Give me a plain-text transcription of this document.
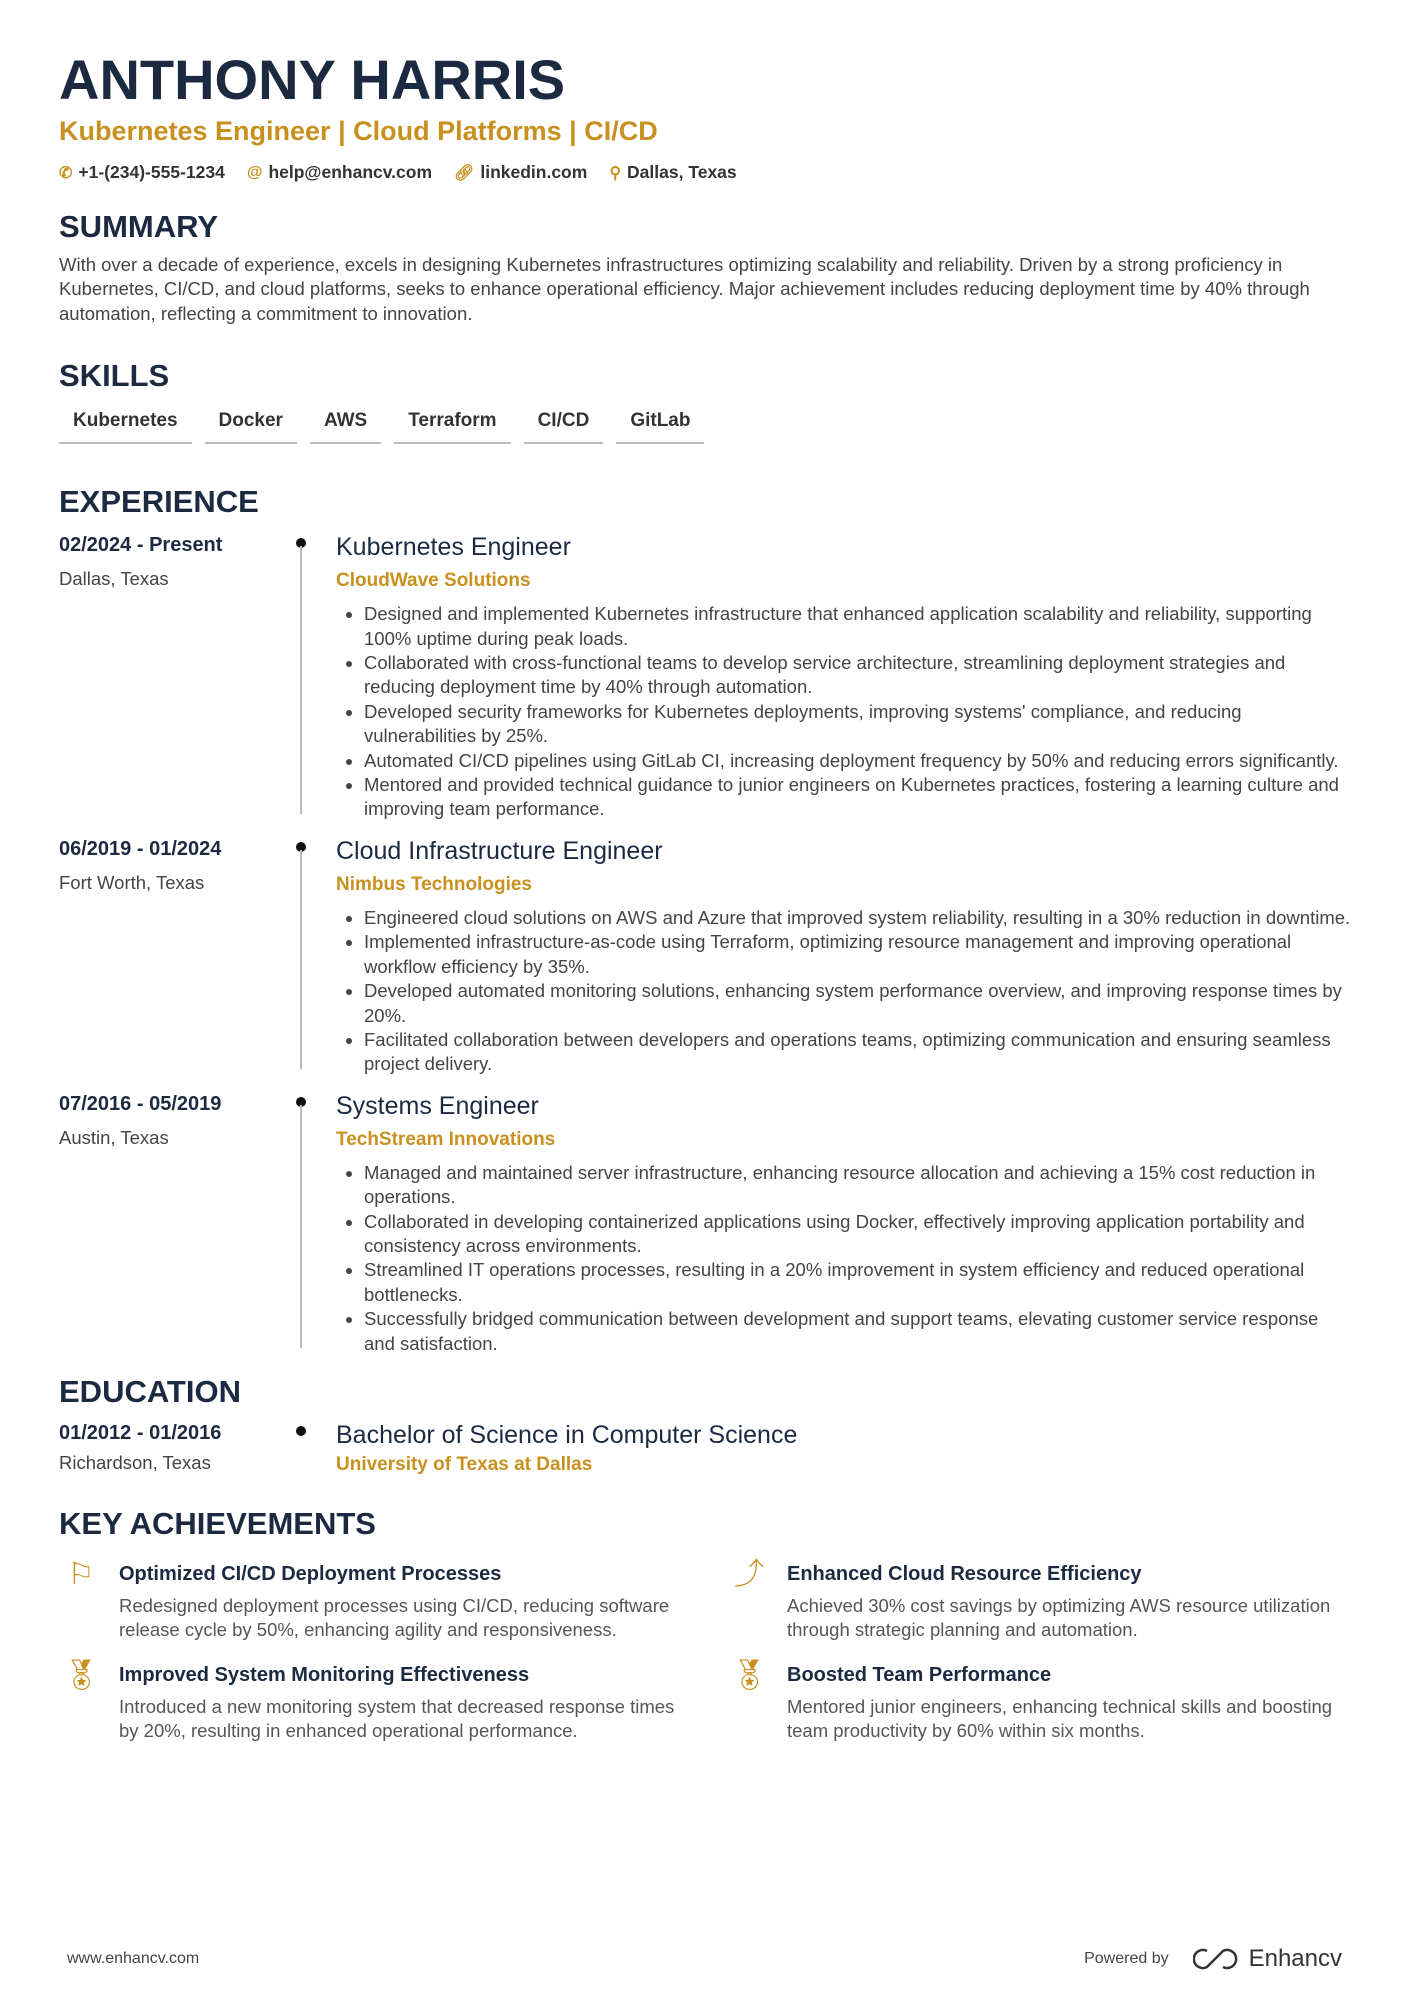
ANTHONY HARRIS
Kubernetes Engineer | Cloud Platforms | CI/CD
✆ +1-(234)-555-1234 @ help@enhancv.com 🔗︎ linkedin.com ⚲ Dallas, Texas
SUMMARY

With over a decade of experience, excels in designing Kubernetes infrastructures optimizing scalability and reliability. Driven by a strong proficiency in Kubernetes, CI/CD, and cloud platforms, seeks to enhance operational efficiency. Major achievement includes reducing deployment time by 40% through automation, reflecting a commitment to innovation.

SKILLS
Kubernetes	Docker	AWS	Terraform	CI/CD	GitLab
EXPERIENCE
02/2024 - Present
Dallas, Texas
Kubernetes Engineer
CloudWave Solutions
• Designed and implemented Kubernetes infrastructure that enhanced application scalability and reliability, supporting 100% uptime during peak loads.
• Collaborated with cross-functional teams to develop service architecture, streamlining deployment strategies and reducing deployment time by 40% through automation.
• Developed security frameworks for Kubernetes deployments, improving systems' compliance, and reducing vulnerabilities by 25%.
• Automated CI/CD pipelines using GitLab CI, increasing deployment frequency by 50% and reducing errors significantly.
• Mentored and provided technical guidance to junior engineers on Kubernetes practices, fostering a learning culture and improving team performance.
06/2019 - 01/2024
Fort Worth, Texas
Cloud Infrastructure Engineer
Nimbus Technologies
• Engineered cloud solutions on AWS and Azure that improved system reliability, resulting in a 30% reduction in downtime.
• Implemented infrastructure-as-code using Terraform, optimizing resource management and improving operational workflow efficiency by 35%.
• Developed automated monitoring solutions, enhancing system performance overview, and improving response times by 20%.
• Facilitated collaboration between developers and operations teams, optimizing communication and ensuring seamless project delivery.
07/2016 - 05/2019
Austin, Texas
Systems Engineer
TechStream Innovations
• Managed and maintained server infrastructure, enhancing resource allocation and achieving a 15% cost reduction in operations.
• Collaborated in developing containerized applications using Docker, effectively improving application portability and consistency across environments.
• Streamlined IT operations processes, resulting in a 20% improvement in system efficiency and reduced operational bottlenecks.
• Successfully bridged communication between development and support teams, elevating customer service response and satisfaction.
EDUCATION
01/2012 - 01/2016
Richardson, Texas
Bachelor of Science in Computer Science
University of Texas at Dallas
KEY ACHIEVEMENTS
⚐	Optimized CI/CD Deployment Processes
Redesigned deployment processes using CI/CD, reducing software release cycle by 50%, enhancing agility and responsiveness.
⤴	Enhanced Cloud Resource Efficiency
Achieved 30% cost savings by optimizing AWS resource utilization through strategic planning and automation.
🏅︎ Improved System Monitoring Effectiveness
Introduced a new monitoring system that decreased response times by 20%, resulting in enhanced operational performance.
🏅︎ Boosted Team Performance
Mentored junior engineers, enhancing technical skills and boosting team productivity by 60% within six months.
www.enhancv.com	Powered by	Enhancv
